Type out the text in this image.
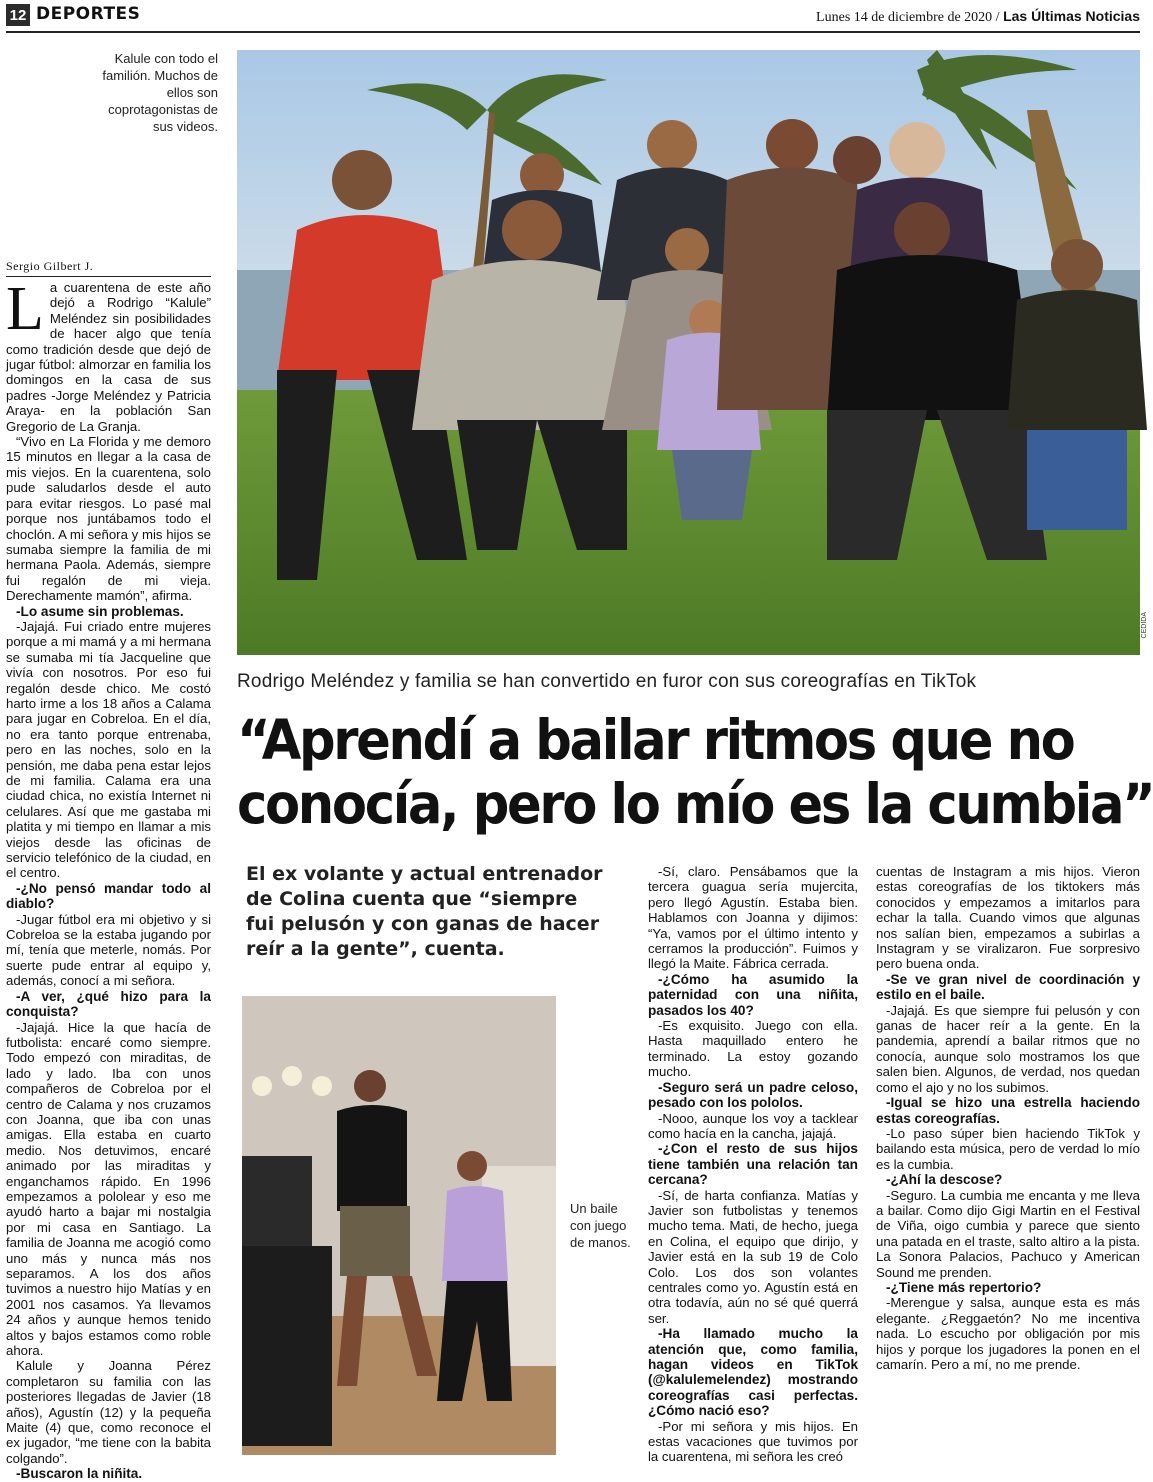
12 DEPORTES	Lunes 14 de diciembre de 2020 / Las Últimas Noticias
Kalule con todo el familión. Muchos de ellos son coprotagonistas de sus videos.
CEDIDA
Sergio Gilbert J.
L a cuarentena de este año dejó a Rodrigo “Kalule” Meléndez sin posibilidades de hacer algo que tenía como tradición desde que dejó de jugar fútbol: almorzar en familia los domingos en la casa de sus padres -Jorge Meléndez y Patricia Araya- en la población San Gregorio de La Granja.

“Vivo en La Florida y me demoro 15 minutos en llegar a la casa de mis viejos. En la cuarentena, solo pude saludarlos desde el auto para evitar riesgos. Lo pasé mal porque nos juntábamos todo el choclón. A mi señora y mis hijos se sumaba siempre la familia de mi hermana Paola. Además, siempre fui regalón de mi vieja. Derechamente mamón”, afirma.

-Lo asume sin problemas.

-Jajajá. Fui criado entre mujeres porque a mi mamá y a mi hermana se sumaba mi tía Jacqueline que vivía con nosotros. Por eso fui regalón desde chico. Me costó harto irme a los 18 años a Calama para jugar en Cobreloa. En el día, no era tanto porque entrenaba, pero en las noches, solo en la pensión, me daba pena estar lejos de mi familia. Calama era una ciudad chica, no existía Internet ni celulares. Así que me gastaba mi platita y mi tiempo en llamar a mis viejos desde las oficinas de servicio telefónico de la ciudad, en el centro.

-¿No pensó mandar todo al diablo?

-Jugar fútbol era mi objetivo y si Cobreloa se la estaba jugando por mí, tenía que meterle, nomás. Por suerte pude entrar al equipo y, además, conocí a mi señora.

-A ver, ¿qué hizo para la conquista?

-Jajajá. Hice la que hacía de futbolista: encaré como siempre. Todo empezó con miraditas, de lado y lado. Iba con unos compañeros de Cobreloa por el centro de Calama y nos cruzamos con Joanna, que iba con unas amigas. Ella estaba en cuarto medio. Nos detuvimos, encaré animado por las miraditas y enganchamos rápido. En 1996 empezamos a pololear y eso me ayudó harto a bajar mi nostalgia por mi casa en Santiago. La familia de Joanna me acogió como uno más y nunca más nos separamos. A los dos años tuvimos a nuestro hijo Matías y en 2001 nos casamos. Ya llevamos 24 años y aunque hemos tenido altos y bajos estamos como roble ahora.

Kalule y Joanna Pérez completaron su familia con las posteriores llegadas de Javier (18 años), Agustín (12) y la pequeña Maite (4) que, como reconoce el ex jugador, “me tiene con la babita colgando”.

-Buscaron la niñita.

Rodrigo Meléndez y familia se han convertido en furor con sus coreografías en TikTok
“Aprendí a bailar ritmos que no
conocía, pero lo mío es la cumbia”
El ex volante y actual entrenador de Colina cuenta que “siempre fui pelusón y con ganas de hacer reír a la gente”, cuenta.
Un baile con juego de manos.

-Sí, claro. Pensábamos que la tercera guagua sería mujercita, pero llegó Agustín. Estaba bien. Hablamos con Joanna y dijimos: “Ya, vamos por el último intento y cerramos la producción”. Fuimos y llegó la Maite. Fábrica cerrada.

-¿Cómo ha asumido la paternidad con una niñita, pasados los 40?

-Es exquisito. Juego con ella. Hasta maquillado entero he terminado. La estoy gozando mucho.

-Seguro será un padre celoso, pesado con los pololos.

-Nooo, aunque los voy a tacklear como hacía en la cancha, jajajá.

-¿Con el resto de sus hijos tiene también una relación tan cercana?

-Sí, de harta confianza. Matías y Javier son futbolistas y tenemos mucho tema. Mati, de hecho, juega en Colina, el equipo que dirijo, y Javier está en la sub 19 de Colo Colo. Los dos son volantes centrales como yo. Agustín está en otra todavía, aún no sé qué querrá ser.

-Ha llamado mucho la atención que, como familia, hagan videos en TikTok (@kalulemelendez) mostrando coreografías casi perfectas. ¿Cómo nació eso?

-Por mi señora y mis hijos. En estas vacaciones que tuvimos por la cuarentena, mi señora les creó

cuentas de Instagram a mis hijos. Vieron estas coreografías de los tiktokers más conocidos y empezamos a imitarlos para echar la talla. Cuando vimos que algunas nos salían bien, empezamos a subirlas a Instagram y se viralizaron. Fue sorpresivo pero buena onda.

-Se ve gran nivel de coordinación y estilo en el baile.

-Jajajá. Es que siempre fui pelusón y con ganas de hacer reír a la gente. En la pandemia, aprendí a bailar ritmos que no conocía, aunque solo mostramos los que salen bien. Algunos, de verdad, nos quedan como el ajo y no los subimos.

-Igual se hizo una estrella haciendo estas coreografías.

-Lo paso súper bien haciendo TikTok y bailando esta música, pero de verdad lo mío es la cumbia.

-¿Ahí la descose?

-Seguro. La cumbia me encanta y me lleva a bailar. Como dijo Gigi Martin en el Festival de Viña, oigo cumbia y parece que siento una patada en el traste, salto altiro a la pista. La Sonora Palacios, Pachuco y American Sound me prenden.

-¿Tiene más repertorio?

-Merengue y salsa, aunque esta es más elegante. ¿Reggaetón? No me incentiva nada. Lo escucho por obligación por mis hijos y porque los jugadores la ponen en el camarín. Pero a mí, no me prende.
